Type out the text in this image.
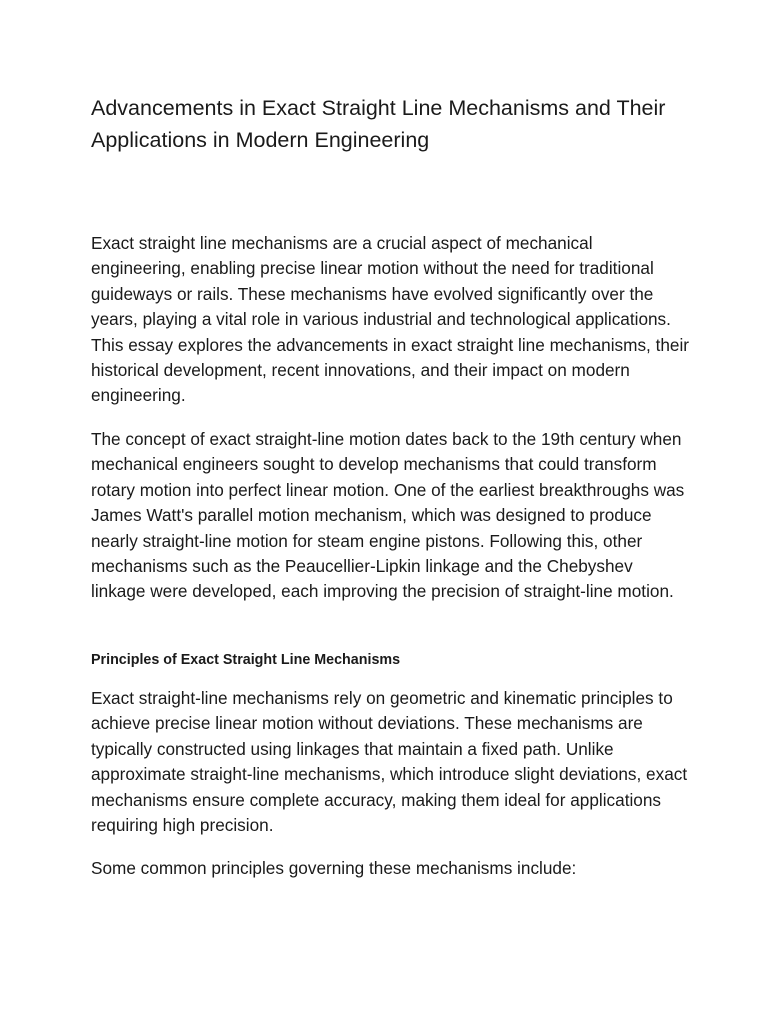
Advancements in Exact Straight Line Mechanisms and Their Applications in Modern Engineering

Exact straight line mechanisms are a crucial aspect of mechanical engineering, enabling precise linear motion without the need for traditional guideways or rails. These mechanisms have evolved significantly over the years, playing a vital role in various industrial and technological applications. This essay explores the advancements in exact straight line mechanisms, their historical development, recent innovations, and their impact on modern engineering.

The concept of exact straight-line motion dates back to the 19th century when mechanical engineers sought to develop mechanisms that could transform rotary motion into perfect linear motion. One of the earliest breakthroughs was James Watt's parallel motion mechanism, which was designed to produce nearly straight-line motion for steam engine pistons. Following this, other mechanisms such as the Peaucellier-Lipkin linkage and the Chebyshev linkage were developed, each improving the precision of straight-line motion.

Principles of Exact Straight Line Mechanisms

Exact straight-line mechanisms rely on geometric and kinematic principles to achieve precise linear motion without deviations. These mechanisms are typically constructed using linkages that maintain a fixed path. Unlike approximate straight-line mechanisms, which introduce slight deviations, exact mechanisms ensure complete accuracy, making them ideal for applications requiring high precision.

Some common principles governing these mechanisms include:
